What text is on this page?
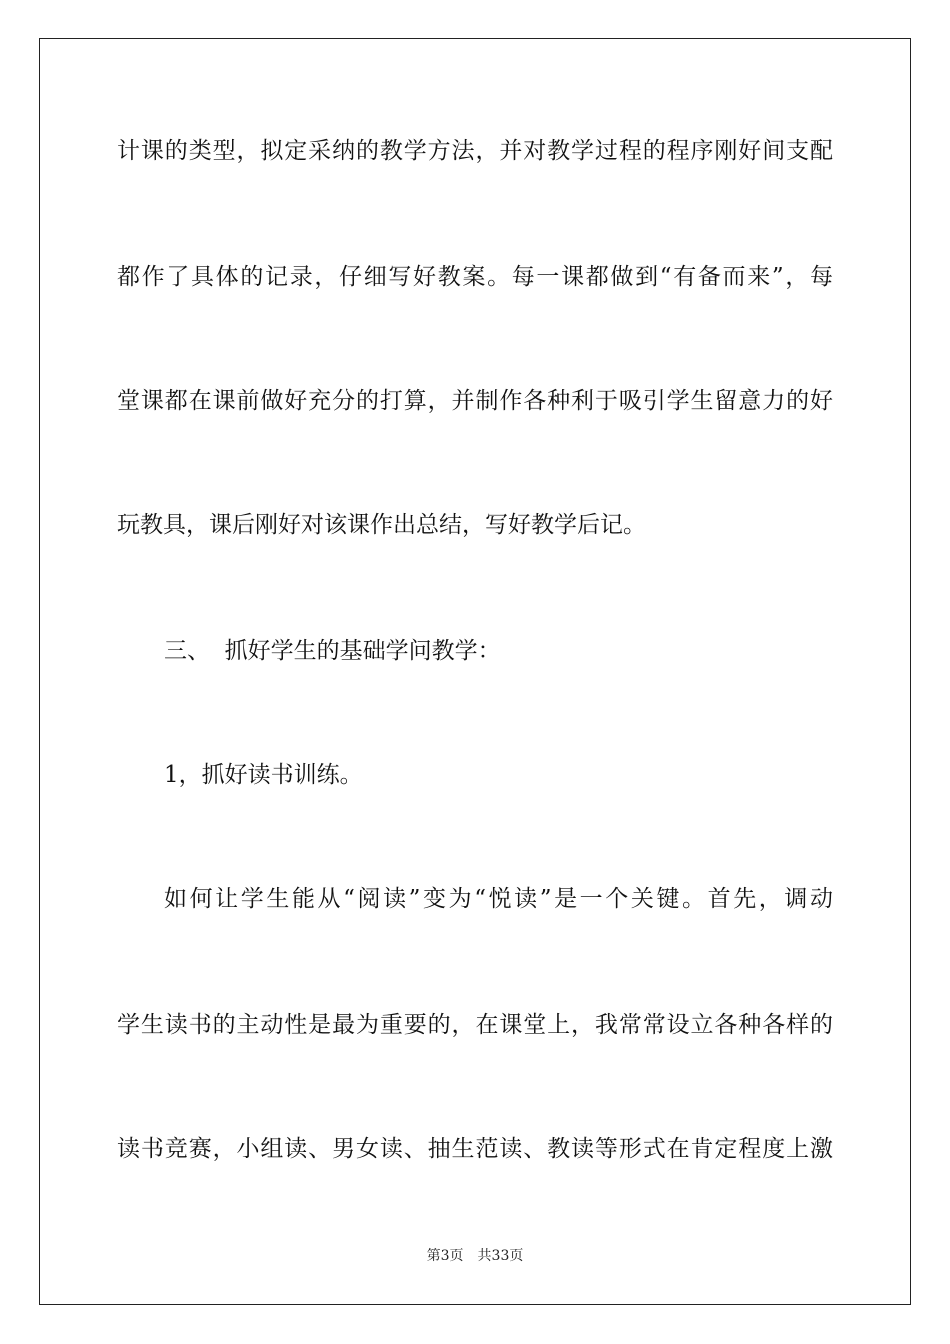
计课的类型，拟定采纳的教学方法，并对教学过程的程序刚好间支配

都作了具体的记录，仔细写好教案。每一课都做到“有备而来”，每

堂课都在课前做好充分的打算，并制作各种利于吸引学生留意力的好

玩教具，课后刚好对该课作出总结，写好教学后记。

三、  抓好学生的基础学问教学：

1，抓好读书训练。

如何让学生能从“阅读”变为“悦读”是一个关键。首先，调动

学生读书的主动性是最为重要的，在课堂上，我常常设立各种各样的

读书竞赛，小组读、男女读、抽生范读、教读等形式在肯定程度上激

第3页 共33页
